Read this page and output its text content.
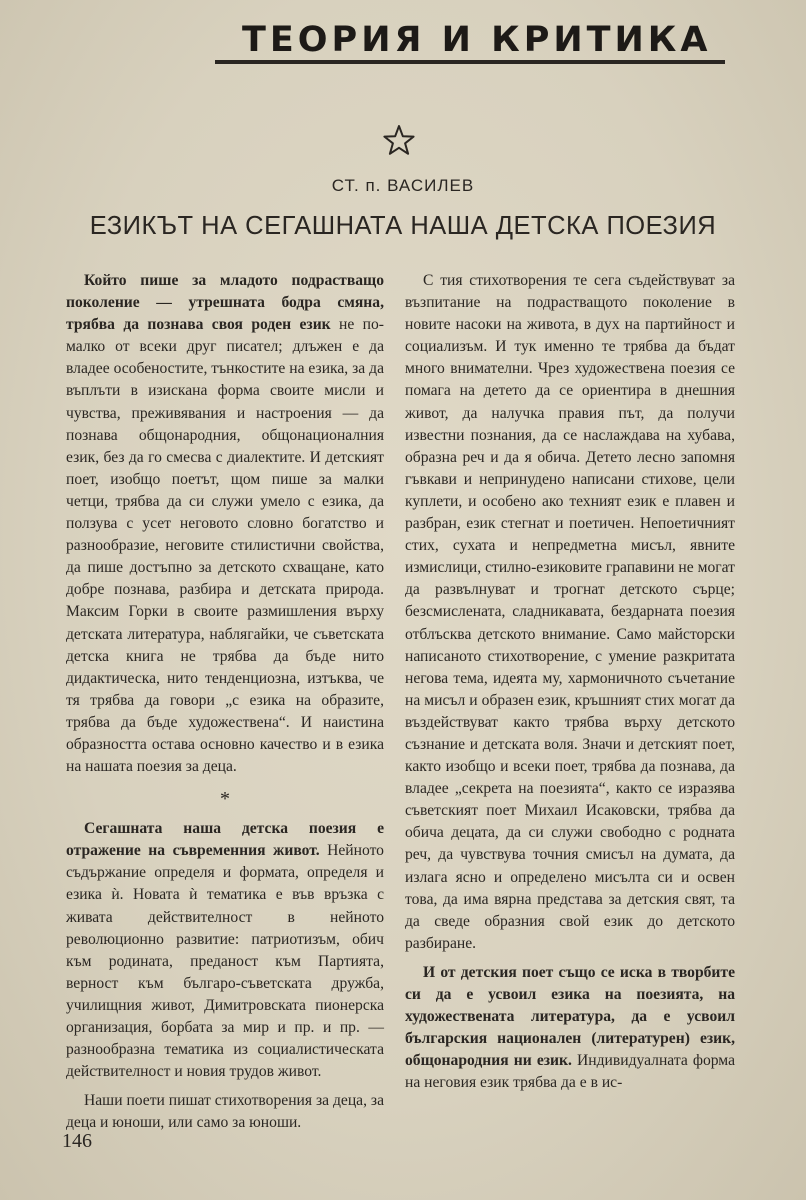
ТЕОРИЯ И КРИТИКА
СТ. п. ВАСИЛЕВ
ЕЗИКЪТ НА СЕГАШНАТА НАША ДЕТСКА ПОЕЗИЯ

Който пише за младото подрастващо поколение — утрешната бодра смяна, трябва да познава своя роден език не по-малко от всеки друг писател; длъжен е да владее особеностите, тънкостите на езика, за да въплъти в изискана форма своите мисли и чувства, преживявания и настроения — да познава общонародния, общонационалния език, без да го смесва с диалектите. И детският поет, изобщо поетът, щом пише за малки четци, трябва да си служи умело с езика, да ползува с усет неговото словно богатство и разнообразие, неговите стилистични свойства, да пише достъпно за детското схващане, като добре познава, разбира и детската природа. Максим Горки в своите размишления върху детската литература, наблягайки, че съветската детска книга не трябва да бъде нито дидактическа, нито тенденциозна, изтъква, че тя трябва да говори „с езика на образите, трябва да бъде художествена“. И наистина образността остава основно качество и в езика на нашата поезия за деца.

*

Сегашната наша детска поезия е отражение на съвременния живот. Нейното съдържание определя и формата, определя и езика ѝ. Новата ѝ тематика е във връзка с живата действителност в нейното революционно развитие: патриотизъм, обич към родината, преданост към Партията, верност към българо-съветската дружба, училищния живот, Димитровската пионерска организация, борбата за мир и пр. и пр. — разнообразна тематика из социалистическата действителност и новия трудов живот.

Наши поети пишат стихотворения за деца, за деца и юноши, или само за юноши.

С тия стихотворения те сега съдействуват за възпитание на подрастващото поколение в новите насоки на живота, в дух на партийност и социализъм. И тук именно те трябва да бъдат много внимателни. Чрез художествена поезия се помага на детето да се ориентира в днешния живот, да налучка правия път, да получи известни познания, да се наслаждава на хубава, образна реч и да я обича. Детето лесно запомня гъвкави и непринудено написани стихове, цели куплети, и особено ако техният език е плавен и разбран, език стегнат и поетичен. Непоетичният стих, сухата и непредметна мисъл, явните измислици, стилно-езиковите грапавини не могат да развълнуват и трогнат детското сърце; безсмислената, сладникавата, бездарната поезия отблъсква детското внимание. Само майсторски написаното стихотворение, с умение разкритата негова тема, идеята му, хармоничното съчетание на мисъл и образен език, кръшният стих могат да въздействуват както трябва върху детското съзнание и детската воля. Значи и детският поет, както изобщо и всеки поет, трябва да познава, да владее „секрета на поезията“, както се изразява съветският поет Михаил Исаковски, трябва да обича децата, да си служи свободно с родната реч, да чувствува точния смисъл на думата, да излага ясно и определено мисълта си и освен това, да има вярна представа за детския свят, та да сведе образния свой език до детското разбиране.

И от детския поет също се иска в творбите си да е усвоил езика на поезията, на художествената литература, да е усвоил българския национален (литературен) език, общонародния ни език. Индивидуалната форма на неговия език трябва да е в ис-

146
